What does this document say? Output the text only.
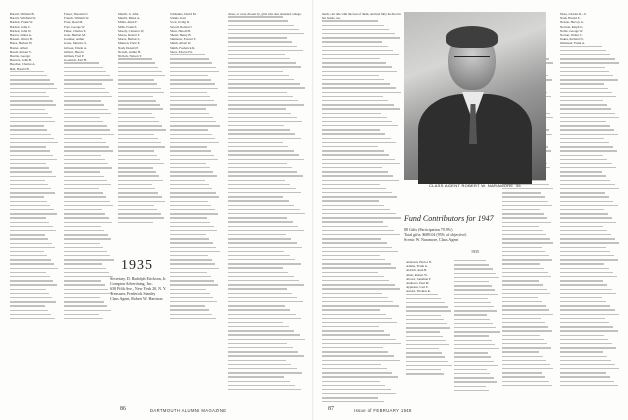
Barrell, William B.

Barrell, Winfield W.

Bartlett, Frank W.

Bartlett, John C.

Bartlett, John W.

Barton, James A.

Bassett, Oliver B.

Bates, Herbert H.

Baxter, Albert

Beach, Robert S.

Beattie, George

Beavers, John H.

Beecher, Charles A.

Bell, Harold B.

Fraser, Theobald J.

French, William W.

Frost, Reed M.

Frye, George W.

Fuller, Charles E.

Gale, Herbert M.

Gardner, Arthur

Gates, Maurice S.

Gibson, Edwin A.

Gilbert, Harold

Gilman, Fred P.

Goodrich, Earl H.

Merrill, Jr. John

Merrill, Minot A.

Miller, Allen F.

Mills, Frank E.

Moody, Clarence W.

Moore, Robert F.

Morse, Herbert L.

Munson, Earle E.

Nash, Donald P.

Newell, Arthur H.

Nichols, Nelson T.

Schneider, David M.

Schulz, Karl

Scott, Irving D.

Sewall, Roland J.

Shaw, Harold B.

Shedd, Henry B.

Simmons, Everett F.

Smith, Albert D.

Smith, Frederick R.

Snow, Edward W.

chase, or were chosen by, girls who also attended college.

1935
Secretary, D. Rudolph Erickson, Jr.
Compton Advertising, Inc.
630 Fifth Ave., New York 20, N. Y.
Treasurer, Frederick Stanley
Class Agent, Robert W. Harrison
86	DARTMOUTH ALUMNI MAGAZINE

mach, can ride with the best of them, and had fully the Red in her bonds, too.

Alderson, Hector N.

Adams, Frank G.

Aldrich, Alan B.

Allen, Robert W.

Alvord, Jonathan F.

Andrews, Paul M.

Appleton, Carl E.

Arnold, Thomas R.

Moss, Charles R., Jr.

Nash, Harold E.

Nelson, Harvey A.

Newton, Ralph G.

Noble, George W.

Norton, Walter C.

Oakes, Richard N.

Olmstead, Frank A.

87	Issue of FEBRUARY 1948
CLASS AGENT ROBERT W. NARAMORE '35
Fund Contributors for 1947
88 Gifts (Participation 70.9%)
Total gifts: $689.04 (95% of objective)
Scenic W. Naramore, Class Agent
1935
